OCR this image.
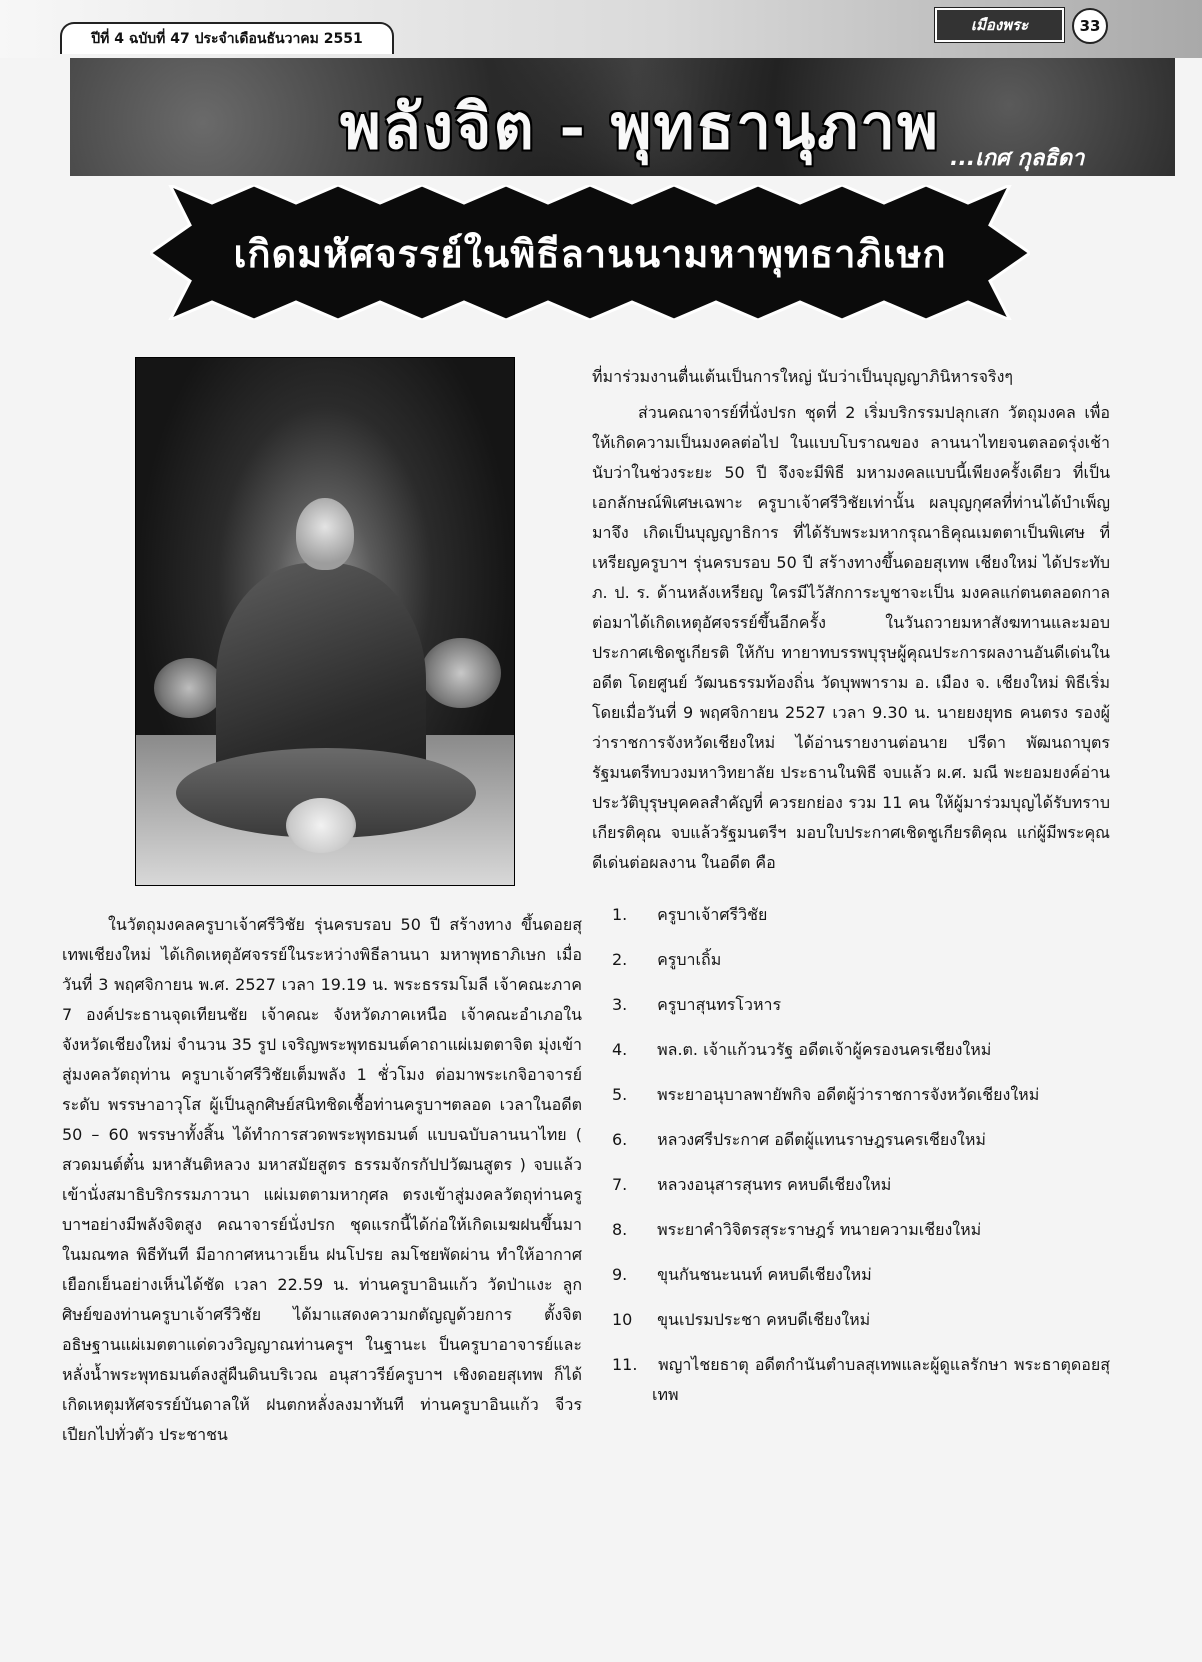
ปีที่ 4 ฉบับที่ 47 ประจำเดือนธันวาคม 2551
เมืองพระ	33
พลังจิต - พุทธานุภาพ ...เกศ กุลธิดา
เกิดมหัศจรรย์ในพิธีลานนามหาพุทธาภิเษก

ในวัตถุมงคลครูบาเจ้าศรีวิชัย รุ่นครบรอบ 50 ปี สร้างทาง ขึ้นดอยสุเทพเชียงใหม่ ได้เกิดเหตุอัศจรรย์ในระหว่างพิธีลานนา มหาพุทธาภิเษก เมื่อวันที่ 3 พฤศจิกายน พ.ศ. 2527 เวลา 19.19 น. พระธรรมโมลี เจ้าคณะภาค 7 องค์ประธานจุดเทียนชัย เจ้าคณะ จังหวัดภาคเหนือ เจ้าคณะอำเภอในจังหวัดเชียงใหม่ จำนวน 35 รูป เจริญพระพุทธมนต์คาถาแผ่เมตตาจิต มุ่งเข้าสู่มงคลวัตถุท่าน ครูบาเจ้าศรีวิชัยเต็มพลัง 1 ชั่วโมง ต่อมาพระเกจิอาจารย์ระดับ พรรษาอาวุโส ผู้เป็นลูกศิษย์สนิทชิดเชื้อท่านครูบาฯตลอด เวลาในอดีต 50 – 60 พรรษาทั้งสิ้น ได้ทำการสวดพระพุทธมนต์ แบบฉบับลานนาไทย ( สวดมนต์ตั๋น มหาสันติหลวง มหาสมัยสูตร ธรรมจักรกัปปวัฒนสูตร ) จบแล้ว เข้านั่งสมาธิบริกรรมภาวนา แผ่เมตตามหากุศล ตรงเข้าสู่มงคลวัตถุท่านครูบาฯอย่างมีพลังจิตสูง คณาจารย์นั่งปรก ชุดแรกนี้ได้ก่อให้เกิดเมฆฝนขึ้นมา ในมณฑล พิธีทันที มีอากาศหนาวเย็น ฝนโปรย ลมโชยพัดผ่าน ทำให้อากาศ เยือกเย็นอย่างเห็นได้ชัด เวลา 22.59 น. ท่านครูบาอินแก้ว วัดป่าแงะ ลูกศิษย์ของท่านครูบาเจ้าศรีวิชัย ได้มาแสดงความกตัญญูด้วยการ ตั้งจิตอธิษฐานแผ่เมตตาแด่ดวงวิญญาณท่านครูฯ ในฐานะเ ป็นครูบาอาจารย์และหลั่งน้ำพระพุทธมนต์ลงสู่ผืนดินบริเวณ อนุสาวรีย์ครูบาฯ เชิงดอยสุเทพ ก็ได้เกิดเหตุมหัศจรรย์บันดาลให้ ฝนตกหลั่งลงมาทันที ท่านครูบาอินแก้ว จีวรเปียกไปทั่วตัว ประชาชน

ที่มาร่วมงานตื่นเต้นเป็นการใหญ่ นับว่าเป็นบุญญาภินิหารจริงๆ

ส่วนคณาจารย์ที่นั่งปรก ชุดที่ 2 เริ่มบริกรรมปลุกเสก วัตถุมงคล เพื่อให้เกิดความเป็นมงคลต่อไป ในแบบโบราณของ ลานนาไทยจนตลอดรุ่งเช้า นับว่าในช่วงระยะ 50 ปี จึงจะมีพิธี มหามงคลแบบนี้เพียงครั้งเดียว ที่เป็นเอกลักษณ์พิเศษเฉพาะ ครูบาเจ้าศรีวิชัยเท่านั้น ผลบุญกุศลที่ท่านได้บำเพ็ญมาจึง เกิดเป็นบุญญาธิการ ที่ได้รับพระมหากรุณาธิคุณเมตตาเป็นพิเศษ ที่เหรียญครูบาฯ รุ่นครบรอบ 50 ปี สร้างทางขึ้นดอยสุเทพ เชียงใหม่ ได้ประทับ ภ. ป. ร. ด้านหลังเหรียญ ใครมีไว้สักการะบูชาจะเป็น มงคลแก่ตนตลอดกาล ต่อมาได้เกิดเหตุอัศจรรย์ขึ้นอีกครั้ง ในวันถวายมหาสังฆทานและมอบประกาศเชิดชูเกียรติ ให้กับ ทายาทบรรพบุรุษผู้คุณประการผลงานอันดีเด่นในอดีต โดยศูนย์ วัฒนธรรมท้องถิ่น วัดบุพพาราม อ. เมือง จ. เชียงใหม่ พิธีเริ่มโดยเมื่อวันที่ 9 พฤศจิกายน 2527 เวลา 9.30 น. นายยงยุทธ คนตรง รองผู้ว่าราชการจังหวัดเชียงใหม่ ได้อ่านรายงานต่อนาย ปรีดา พัฒนถาบุตร รัฐมนตรีทบวงมหาวิทยาลัย ประธานในพิธี จบแล้ว ผ.ศ. มณี พะยอมยงค์อ่านประวัติบุรุษบุคคลสำคัญที่ ควรยกย่อง รวม 11 คน ให้ผู้มาร่วมบุญได้รับทราบเกียรติคุณ จบแล้วรัฐมนตรีฯ มอบใบประกาศเชิดชูเกียรติคุณ แก่ผู้มีพระคุณ ดีเด่นต่อผลงาน ในอดีต คือ

1. ครูบาเจ้าศรีวิชัย
2. ครูบาเถิ้ม
3. ครูบาสุนทรโวหาร
4. พล.ต. เจ้าแก้วนวรัฐ อดีตเจ้าผู้ครองนครเชียงใหม่
5. พระยาอนุบาลพายัพกิจ อดีตผู้ว่าราชการจังหวัดเชียงใหม่
6. หลวงศรีประกาศ อดีตผู้แทนราษฎรนครเชียงใหม่
7. หลวงอนุสารสุนทร คหบดีเชียงใหม่
8. พระยาคำวิจิตรสุระราษฎร์ ทนายความเชียงใหม่
9. ขุนกันชนะนนท์ คหบดีเชียงใหม่
10 ขุนเปรมประชา คหบดีเชียงใหม่
11. พญาไชยธาตุ อดีตกำนันตำบลสุเทพและผู้ดูแลรักษา พระธาตุดอยสุเทพ
